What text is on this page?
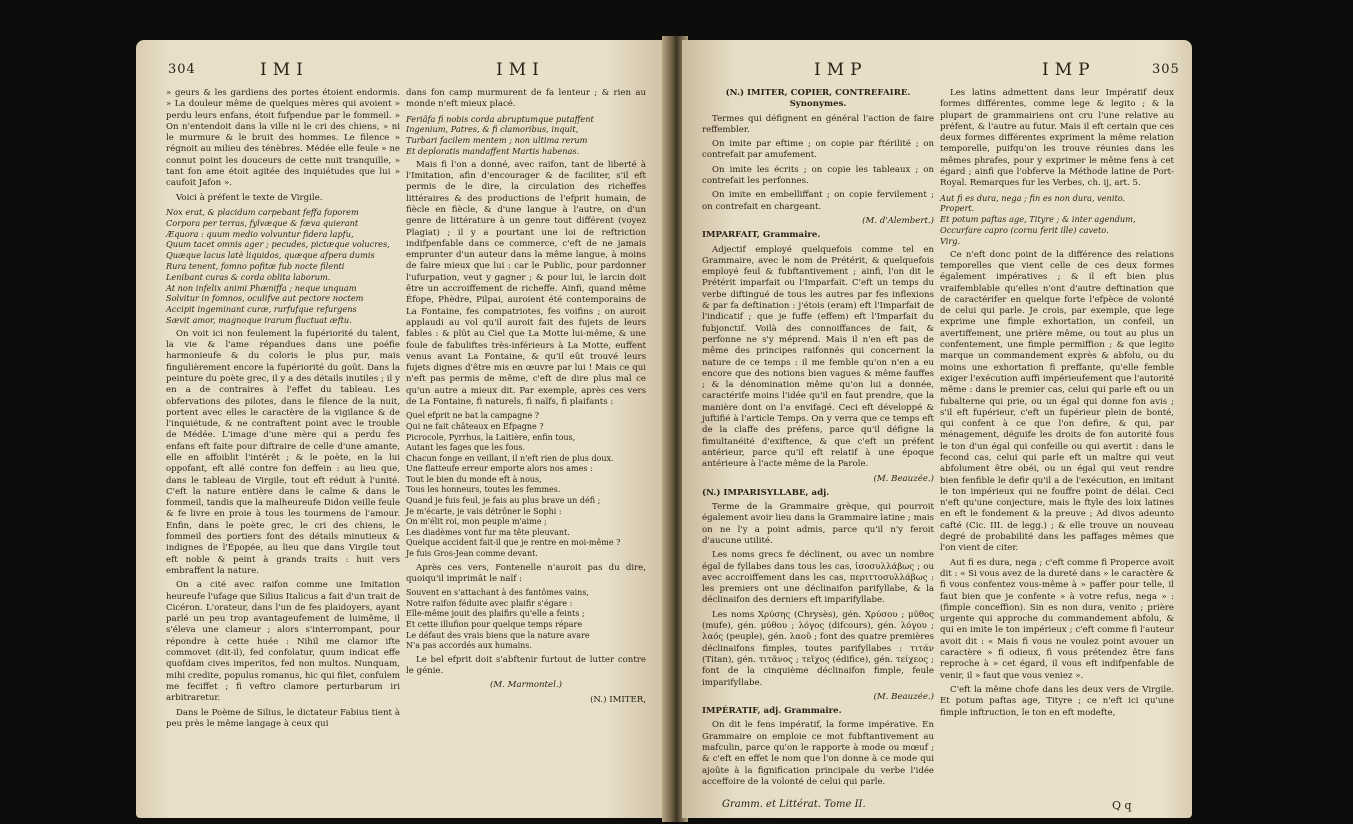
304	IMI	IMI

» geurs & les gardiens des portes étoient endormis. » La douleur même de quelques mères qui avoient » perdu leurs enfans, étoit fufpendue par le fommeil. » On n'entendoit dans la ville ni le cri des chiens, » ni le murmure & le bruit des hommes. Le filence » régnoit au milieu des ténèbres. Médée elle feule » ne connut point les douceurs de cette nuit tranquille, » tant fon ame étoit agitée des inquiétudes que lui » caufoit Jafon ».

Voici à préfent le texte de Virgile.

Nox erat, & placidum carpebant feffa foporem
Corpora per terras, fylvæque & fæva quierant
Æquora : quum medio volvuntur fidera lapfu,
Quum tacet omnis ager ; pecudes, pictæque volucres,
Quæque lacus latè liquidos, quæque afpera dumis
Rura tenent, fomno pofitæ fub nocte filenti
Lenibant curas & corda oblita laborum.
At non infelix animi Phæniffa ; neque unquam
Solvitur in fomnos, oculifve aut pectore noctem
Accipit ingeminant curæ, rurfufque refurgens
Sævit amor, magnoque irarum fluctuat æftu.

On voit ici non feulement la fupériorité du talent, la vie & l'ame répandues dans une poéfie harmonieufe & du coloris le plus pur, mais fingulièrement encore la fupériorité du goût. Dans la peinture du poète grec, il y a des détails inutiles ; il y en a de contraires à l'effet du tableau. Les obfervations des pilotes, dans le filence de la nuit, portent avec elles le caractère de la vigilance & de l'inquiétude, & ne contraftent point avec le trouble de Médée. L'image d'une mère qui a perdu fes enfans eft faite pour diftraire de celle d'une amante, elle en affoiblit l'intérêt ; & le poète, en la lui oppofant, eft allé contre fon deffein : au lieu que, dans le tableau de Virgile, tout eft réduit à l'unité. C'eft la nature entière dans le calme & dans le fommeil, tandis que la malheureufe Didon veille feule & fe livre en proie à tous les tourmens de l'amour. Enfin, dans le poète grec, le cri des chiens, le fommeil des portiers font des détails minutieux & indignes de l'Épopée, au lieu que dans Virgile tout eft noble & peint à grands traits : huit vers embraffent la nature.

On a cité avec raifon comme une Imitation heureufe l'ufage que Silius Italicus a fait d'un trait de Cicéron. L'orateur, dans l'un de fes plaidoyers, ayant parlé un peu trop avantageufement de luimême, il s'éleva une clameur ; alors s'interrompant, pour répondre à cette huée : Nihil me clamor ifte commovet (dit-il), fed confolatur, quum indicat effe quofdam cives imperitos, fed non multos. Nunquam, mihi credite, populus romanus, hic qui filet, confulem me feciffet ; fi veftro clamore perturbarum iri arbitraretur.

Dans le Poème de Silius, le dictateur Fabius tient à peu près le même langage à ceux qui

dans fon camp murmurent de fa lenteur ; & rien au monde n'eft mieux placé.

Feriâfa fi nobis corda abruptumque putaffent
Ingenium, Patres, & fi clamoribus, inquit,
Turbari facilem mentem ; non ultima rerum
Et deploratis mandaffent Martis habenas.

Mais fi l'on a donné, avec raifon, tant de liberté à l'Imitation, afin d'encourager & de faciliter, s'il eft permis de le dire, la circulation des richeffes littéraires & des productions de l'efprit humain, de fiècle en fiècle, & d'une langue à l'autre, on d'un genre de littérature à un genre tout différent (voyez Plagiat) ; il y a pourtant une loi de reftriction indifpenfable dans ce commerce, c'eft de ne jamais emprunter d'un auteur dans la même langue, à moins de faire mieux que lui : car le Public, pour pardonner l'ufurpation, veut y gagner ; & pour lui, le larcin doit être un accroiffement de richeffe. Ainfi, quand même Éfope, Phèdre, Pilpai, auroient été contemporains de La Fontaine, fes compatriotes, fes voifins ; on auroit applaudi au vol qu'il auroit fait des fujets de leurs fables : & plût au Ciel que La Motte lui-même, & une foule de fabuliftes très-inférieurs à La Motte, euffent venus avant La Fontaine, & qu'il eût trouvé leurs fujets dignes d'être mis en œuvre par lui ! Mais ce qui n'eft pas permis de même, c'eft de dire plus mal ce qu'un autre a mieux dit. Par exemple, après ces vers de La Fontaine, fi naturels, fi naïfs, fi plaifants :

Quel efprit ne bat la campagne ?
Qui ne fait châteaux en Efpagne ?
Picrocole, Pyrrhus, la Laitière, enfin tous,
Autant les fages que les fous.
Chacun fonge en veillant, il n'eft rien de plus doux.
Une flatteufe erreur emporte alors nos ames :
Tout le bien du monde eft à nous,
Tous les honneurs, toutes les femmes.
Quand je fuis feul, je fais au plus brave un défi ;
Je m'écarte, je vais détrôner le Sophi :
On m'élit roi, mon peuple m'aime ;
Les diadèmes vont fur ma tête pleuvant.
Quelque accident fait-il que je rentre en moi-même ?
Je fuis Gros-Jean comme devant.

Après ces vers, Fontenelle n'auroit pas du dire, quoiqu'il imprimât le naïf :

Souvent en s'attachant à des fantômes vains,
Notre raifon féduite avec plaifir s'égare :
Elle-même jouit des plaifirs qu'elle a feints ;
Et cette illufion pour quelque temps répare
Le défaut des vrais biens que la nature avare
N'a pas accordés aux humains.

Le bel efprit doit s'abftenir furtout de lutter contre le génie.

(M. Marmontel.)

(N.) IMITER,

IMP	IMP	305

(N.) IMITER, COPIER, CONTREFAIRE. Synonymes.

Termes qui défignent en général l'action de faire reffembler.

On imite par eftime ; on copie par ftérilité ; on contrefait par amufement.

On imite les écrits ; on copie les tableaux ; on contrefait les perfonnes.

On imite en embelliffant ; on copie fervilement ; on contrefait en chargeant.

(M. d'Alembert.)

IMPARFAIT, Grammaire.

Adjectif employé quelquefois comme tel en Grammaire, avec le nom de Prétérit, & quelquefois employé feul & fubftantivement ; ainfi, l'on dit le Prétérit imparfait ou l'Imparfait. C'eft un temps du verbe diftingué de tous les autres par fes inflexions & par fa deftination : j'étois (eram) eft l'Imparfait de l'indicatif ; que je fuffe (effem) eft l'Imparfait du fubjonctif. Voilà des connoiffances de fait, & perfonne ne s'y méprend. Mais il n'en eft pas de même des principes raifonnés qui concernent la nature de ce temps : il me femble qu'on n'en a eu encore que des notions bien vagues & même fauffes ; & la dénomination même qu'on lui a donnée, caractérife moins l'idée qu'il en faut prendre, que la manière dont on l'a envifagé. Ceci eft développé & juftifié à l'article Temps. On y verra que ce temps eft de la claffe des préfens, parce qu'il défigne la fimultanéité d'exiftence, & que c'eft un préfent antérieur, parce qu'il eft relatif à une époque antérieure à l'acte même de la Parole.

(M. Beauzée.)

(N.) IMPARISYLLABE, adj.

Terme de la Grammaire grèque, qui pourroit également avoir lieu dans la Grammaire latine ; mais on ne l'y a point admis, parce qu'il n'y feroit d'aucune utilité.

Les noms grecs fe déclinent, ou avec un nombre égal de fyllabes dans tous les cas, ἰσοσυλλάβως ; ou avec accroiffement dans les cas, περιττοσυλλάβως : les premiers ont une déclinaifon parifyllabe, & la déclinaifon des derniers eft imparifyllabe.

Les noms Χρύσης (Chrysès), gén. Χρύσου ; μῦθος (mufe), gén. μύθου ; λόγος (difcours), gén. λόγου ; λαός (peuple), gén. λαοῦ ; font des quatre premières déclinaifons fimples, toutes parifyllabes : τιτάν (Titan), gén. τιτᾶνος ; τεῖχος (édifice), gén. τείχεος ; font de la cinquième déclinaifon fimple, feule imparifyllabe.

(M. Beauzée.)

IMPÉRATIF, adj. Grammaire.

On dit le fens impératif, la forme impérative. En Grammaire on emploie ce mot fubftantivement au mafculin, parce qu'on le rapporte à mode ou mœuf ; & c'eft en effet le nom que l'on donne à ce mode qui ajoûte à la fignification principale du verbe l'idée acceffoire de la volonté de celui qui parle.

Les latins admettent dans leur Impératif deux formes différentes, comme lege & legito ; & la plupart de grammairiens ont cru l'une relative au préfent, & l'autre au futur. Mais il eft certain que ces deux formes différentes expriment la même relation temporelle, puifqu'on les trouve réunies dans les mêmes phrafes, pour y exprimer le même fens à cet égard ; ainfi que l'obferve la Méthode latine de Port-Royal. Remarques fur les Verbes, ch. ij, art. 5.

Aut fi es dura, nega ; fin es non dura, venito.
Propert.
Et potum paftas age, Tityre ; & inter agendum,
Occurfare capro (cornu ferit ille) caveto.
Virg.

Ce n'eft donc point de la différence des relations temporelles que vient celle de ces deux formes également impératives ; & il eft bien plus vraifemblable qu'elles n'ont d'autre deftination que de caractérifer en quelque forte l'efpèce de volonté de celui qui parle. Je crois, par exemple, que lege exprime une fimple exhortation, un confeil, un avertiffement, une prière même, ou tout au plus un confentement, une fimple permiffion ; & que legito marque un commandement exprès & abfolu, ou du moins une exhortation fi preffante, qu'elle femble exiger l'exécution auffi impérieufement que l'autorité même : dans le premier cas, celui qui parle eft ou un fubalterne qui prie, ou un égal qui donne fon avis ; s'il eft fupérieur, c'eft un fupérieur plein de bonté, qui confent à ce que l'on defire, & qui, par ménagement, déguife les droits de fon autorité fous le ton d'un égal qui confeille ou qui avertit : dans le fecond cas, celui qui parle eft un maître qui veut abfolument être obéi, ou un égal qui veut rendre bien fenfible le defir qu'il a de l'exécution, en imitant le ton impérieux qui ne fouffre point de délai. Ceci n'eft qu'une conjecture, mais le ftyle des loix latines en eft le fondement & la preuve ; Ad divos adeunto cafté (Cic. III. de legg.) ; & elle trouve un nouveau degré de probabilité dans les paffages mêmes que l'on vient de citer.

Aut fi es dura, nega ; c'eft comme fi Properce avoit dit : « Si vous avez de la dureté dans » le caractère & fi vous confentez vous-même à » paffer pour telle, il faut bien que je confente » à votre refus, nega » : (fimple conceffion). Sin es non dura, venito ; prière urgente qui approche du commandement abfolu, & qui en imite le ton impérieux ; c'eft comme fi l'auteur avoit dit : « Mais fi vous ne voulez point avouer un caractère » fi odieux, fi vous prétendez être fans reproche à » cet égard, il vous eft indifpenfable de venir, il » faut que vous veniez ».

C'eft la même chofe dans les deux vers de Virgile. Et potum paftas age, Tityre ; ce n'eft ici qu'une fimple inftruction, le ton en eft modefte,

Gramm. et Littérat. Tome II.	Q q
